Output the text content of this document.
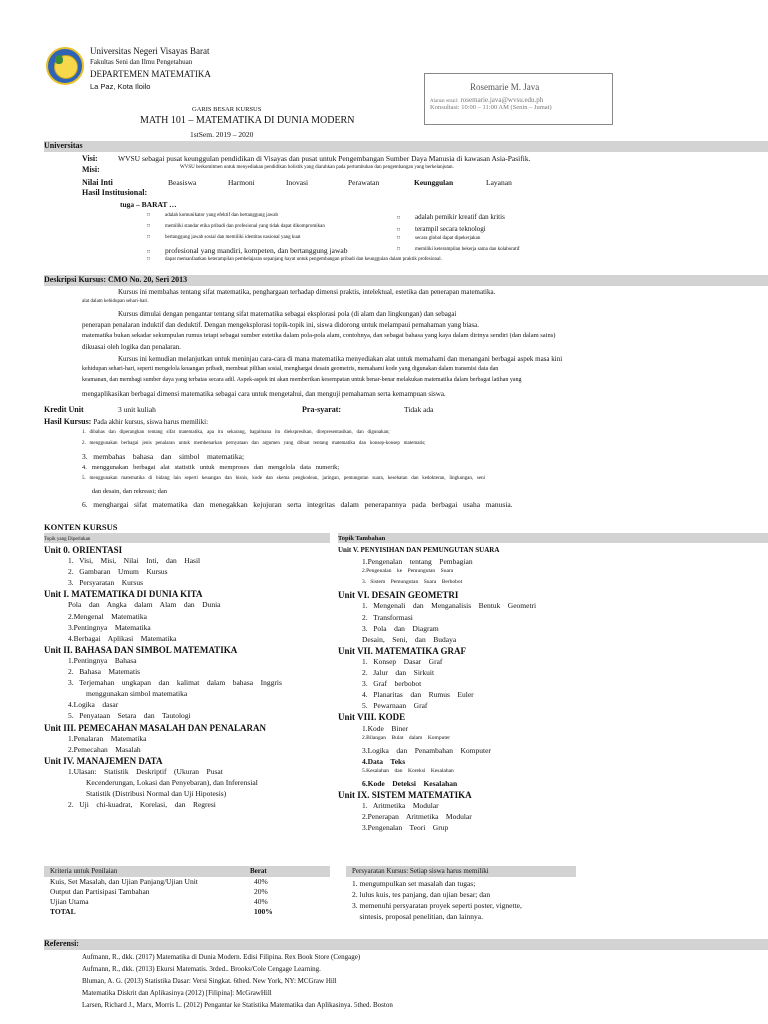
Universitas Negeri Visayas Barat
Fakultas Seni dan Ilmu Pengetahuan
DEPARTEMEN MATEMATIKA
La Paz, Kota Iloilo	Rosemarie M. Java
Alamat email: rosemarie.java@wvsu.edu.ph
Konsultasi: 10:00 – 11:00 AM (Senin – Jumat)
GARIS BESAR KURSUS
MATH 101 – MATEMATIKA DI DUNIA MODERN
1stSem. 2019 – 2020
Universitas
Visi:	WVSU sebagai pusat keunggulan pendidikan di Visayas dan pusat untuk Pengembangan Sumber Daya Manusia di kawasan Asia-Pasifik.
Misi:	WVSU berkomitmen untuk menyediakan pendidikan holistik yang diarahkan pada pertumbuhan dan pengembangan yang berkelanjutan.
Nilai Inti	Beasiswa	Harmoni	Inovasi	Perawatan	Keunggulan	Layanan
Hasil Institusional:
tuga – BARAT …
□	adalah komunikator yang efektif dan bertanggung jawab
□	memiliki standar etika pribadi dan profesional yang tidak dapat dikompromikan
□	bertanggung jawab sosial dan memiliki identitas nasional yang kuat
□ profesional yang mandiri, kompeten, dan bertanggung jawab
□	dapat memanfaatkan keterampilan pembelajaran sepanjang hayat untuk pengembangan pribadi dan keunggulan dalam praktik profesional.
□ adalah pemikir kreatif dan kritis
□ terampil secara teknologi
□	secara global dapat dipekerjakan
□	memiliki keterampilan bekerja sama dan kolaboratif
Deskripsi Kursus: CMO No. 20, Seri 2013
Kursus ini membahas tentang sifat matematika, penghargaan terhadap dimensi praktis, intelektual, estetika dan penerapan matematika.
alat dalam kehidupan sehari-hari.
Kursus dimulai dengan pengantar tentang sifat matematika sebagai eksplorasi pola (di alam dan lingkungan) dan sebagai
penerapan penalaran induktif dan deduktif. Dengan mengeksplorasi topik-topik ini, siswa didorong untuk melampaui pemahaman yang biasa.
matematika bukan sekadar sekumpulan rumus tetapi sebagai sumber estetika dalam pola-pola alam, contohnya, dan sebagai bahasa yang kaya dalam dirinya sendiri (dan dalam sains)
dikuasai oleh logika dan penalaran.
Kursus ini kemudian melanjutkan untuk meninjau cara-cara di mana matematika menyediakan alat untuk memahami dan menangani berbagai aspek masa kini
kehidupan sehari-hari, seperti mengelola keuangan pribadi, membuat pilihan sosial, menghargai desain geometris, memahami kode yang digunakan dalam transmisi data dan
keamanan, dan membagi sumber daya yang terbatas secara adil. Aspek-aspek ini akan memberikan kesempatan untuk benar-benar melakukan matematika dalam berbagai latihan yang
mengaplikasikan berbagai dimensi matematika sebagai cara untuk mengetahui, dan menguji pemahaman serta kemampuan siswa.
Kredit Unit	3 unit kuliah	Pra-syarat:	Tidak ada
Hasil Kursus: Pada akhir kursus, siswa harus memiliki:
1.   dibahas   dan   diperangkan   tentang   sifat   matematika,   apa   itu   sekarang,   bagaimana   itu   diekspresikan,   direpresentasikan,   dan   digunakan;
2.   menggunakan   berbagai   jenis   penalaran   untuk   membenarkan   pernyataan   dan   argumen   yang   dibuat   tentang   matematika   dan   konsep-konsep   matematis;
3.   membahas    bahasa    dan    simbol    matematika;
4.   menggunakan   berbagai   alat   statistik   untuk   memproses   dan   mengelola   data   numerik;
5.   menggunakan   matematika   di   bidang   lain   seperti   keuangan   dan   bisnis,   kode   dan   skema   pengkodean,   jaringan,   pemungutan   suara,   kesehatan   dan   kedokteran,   lingkungan,   seni
dan desain, dan rekreasi; dan
6.   menghargai   sifat   matematika   dan   menegakkan   kejujuran   serta   integritas   dalam   penerapannya   pada   berbagai   usaha   manusia.
KONTEN KURSUS
Topik yang Diperlukan	Topik Tambahan
Unit 0. ORIENTASI
1.   Visi,    Misi,    Nilai    Inti,    dan    Hasil
2.   Gambaran    Umum    Kursus
3.   Persyaratan    Kursus
Unit I. MATEMATIKA DI DUNIA KITA
Pola    dan    Angka    dalam    Alam    dan    Dunia
2.Mengenal    Matematika
3.Pentingnya    Matematika
4.Berbagai    Aplikasi    Matematika
Unit II. BAHASA DAN SIMBOL MATEMATIKA
1.Pentingnya    Bahasa
2.   Bahasa    Matematis
3.   Terjemahan    ungkapan    dan    kalimat    dalam    bahasa    Inggris
menggunakan simbol matematika
4.Logika    dasar
5.   Penyataan    Setara    dan    Tautologi
Unit III. PEMECAHAN MASALAH DAN PENALARAN
1.Penalaran    Matematika
2.Pemecahan    Masalah
Unit IV. MANAJEMEN DATA
1.Ulasan:    Statistik    Deskriptif    (Ukuran    Pusat
Kecenderungan, Lokasi dan Penyebaran), dan Inferensial
Statistik (Distribusi Normal dan Uji Hipotesis)
2.   Uji    chi-kuadrat,    Korelasi,    dan    Regresi
Unit V. PENYISIHAN DAN PEMUNGUTAN SUARA
1.Pengenalan    tentang    Pembagian
2.Pengenalan    ke    Pemungutan    Suara
3.   Sistem    Pemungutan    Suara    Berbobot
Unit VI. DESAIN GEOMETRI
1.   Mengenali    dan    Menganalisis    Bentuk    Geometri
2.   Transformasi
3.   Pola    dan    Diagram
Desain,    Seni,    dan    Budaya
Unit VII. MATEMATIKA GRAF
1.   Konsep    Dasar    Graf
2.   Jalur    dan    Sirkuit
3.   Graf    berbobot
4.   Planaritas    dan    Rumus    Euler
5.   Pewarnaan    Graf
Unit VIII. KODE
1.Kode    Biner
2.Bilangan    Bulat    dalam    Komputer
3.Logika    dan    Penambahan    Komputer
4.Data    Teks
5.Kesalahan    dan    Koreksi    Kesalahan
6.Kode    Deteksi    Kesalahan
Unit IX. SISTEM MATEMATIKA
1.   Aritmetika    Modular
2.Penerapan    Aritmetika    Modular
3.Pengenalan    Teori    Grup
Kriteria untuk Penilaian	Berat
Kuis, Set Masalah, dan Ujian Panjang/Ujian Unit	40%
Output dan Partisipasi Tambahan	20%
Ujian Utama	40%
TOTAL	100%
Persyaratan Kursus: Setiap siswa harus memiliki
1. mengumpulkan set masalah dan tugas;
2. lulus kuis, tes panjang, dan ujian besar; dan
3. memenuhi persyaratan proyek seperti poster, vignette,
sintesis, proposal penelitian, dan lainnya.
Referensi:
Aufmann, R., dkk. (2017) Matematika di Dunia Modern. Edisi Filipina. Rex Book Store (Cengage)
Aufmann, R., dkk. (2013) Ekursi Matematis. 3rded.. Brooks/Cole Cengage Learning.
Bluman, A. G. (2013) Statistika Dasar: Versi Singkat. 6thed. New York, NY: MCGraw Hill
Matematika Diskrit dan Aplikasinya (2012) [Filipina]: McGrawHill
Larsen, Richard J., Marx, Morris L. (2012) Pengantar ke Statistika Matematika dan Aplikasinya. 5thed. Boston
